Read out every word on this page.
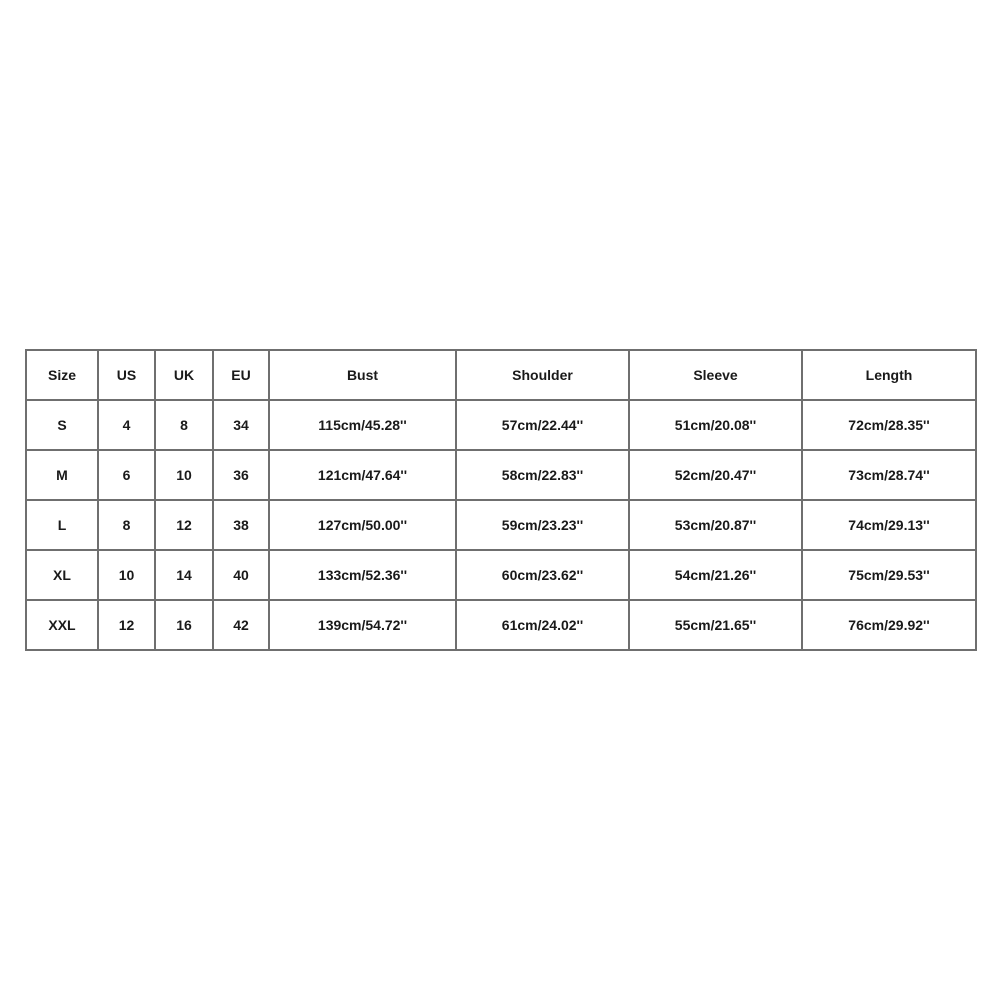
Size	US	UK	EU	Bust	Shoulder	Sleeve	Length
S	4	8	34	115cm/45.28''	57cm/22.44''	51cm/20.08''	72cm/28.35''
M	6	10	36	121cm/47.64''	58cm/22.83''	52cm/20.47''	73cm/28.74''
L	8	12	38	127cm/50.00''	59cm/23.23''	53cm/20.87''	74cm/29.13''
XL	10	14	40	133cm/52.36''	60cm/23.62''	54cm/21.26''	75cm/29.53''
XXL	12	16	42	139cm/54.72''	61cm/24.02''	55cm/21.65''	76cm/29.92''
